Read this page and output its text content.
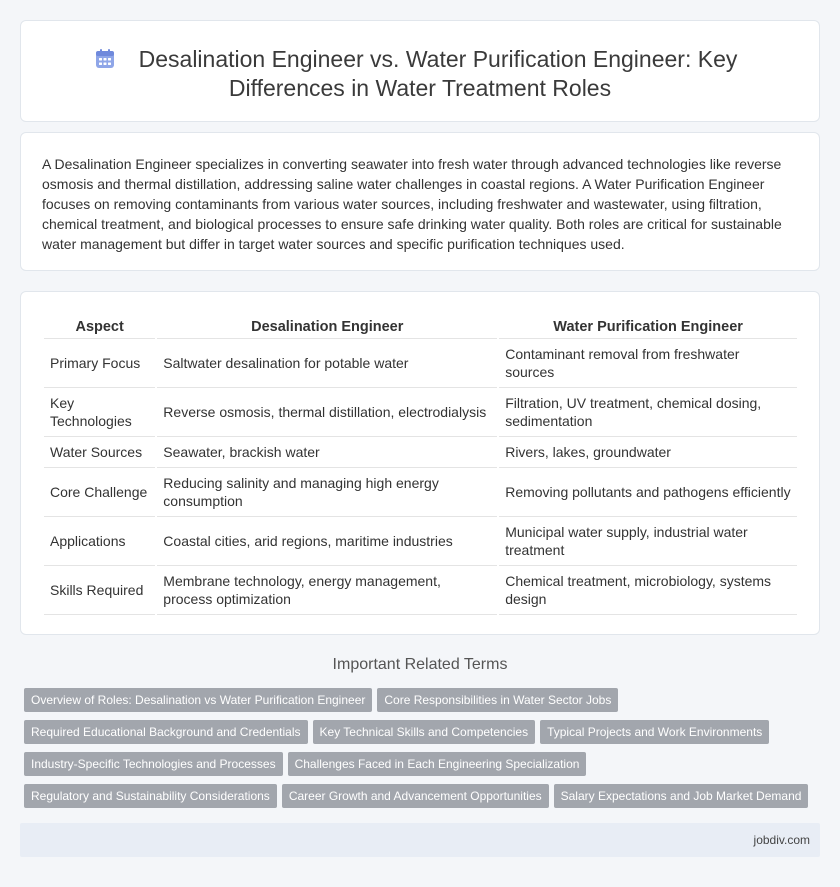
Desalination Engineer vs. Water Purification Engineer: Key
Differences in Water Treatment Roles

A Desalination Engineer specializes in converting seawater into fresh water through advanced technologies like reverse osmosis and thermal distillation, addressing saline water challenges in coastal regions. A Water Purification Engineer focuses on removing contaminants from various water sources, including freshwater and wastewater, using filtration, chemical treatment, and biological processes to ensure safe drinking water quality. Both roles are critical for sustainable water management but differ in target water sources and specific purification techniques used.

Aspect	Desalination Engineer	Water Purification Engineer
Primary Focus	Saltwater desalination for potable water	Contaminant removal from freshwater sources
Key Technologies	Reverse osmosis, thermal distillation, electrodialysis	Filtration, UV treatment, chemical dosing, sedimentation
Water Sources	Seawater, brackish water	Rivers, lakes, groundwater
Core Challenge	Reducing salinity and managing high energy consumption	Removing pollutants and pathogens efficiently
Applications	Coastal cities, arid regions, maritime industries	Municipal water supply, industrial water treatment
Skills Required	Membrane technology, energy management, process optimization	Chemical treatment, microbiology, systems design
Important Related Terms
Overview of Roles: Desalination vs Water Purification Engineer Core Responsibilities in Water Sector Jobs
Required Educational Background and Credentials Key Technical Skills and Competencies Typical Projects and Work Environments
Industry-Specific Technologies and Processes Challenges Faced in Each Engineering Specialization
Regulatory and Sustainability Considerations Career Growth and Advancement Opportunities Salary Expectations and Job Market Demand
jobdiv.com
